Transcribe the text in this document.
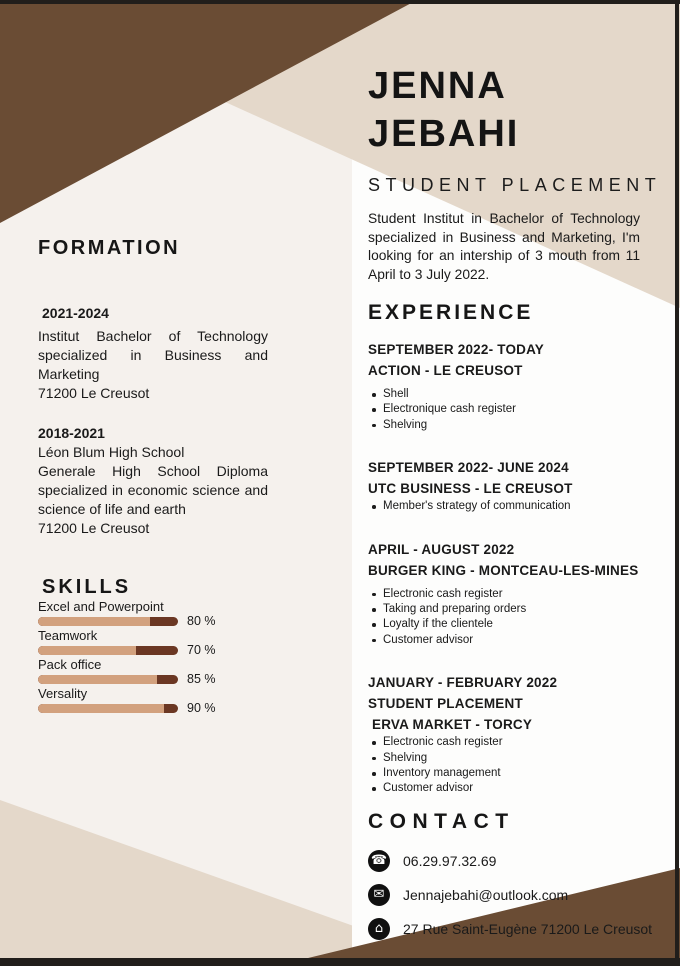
FORMATION
2021-2024

Institut Bachelor of Technology specialized in Business and Marketing

71200 Le Creusot
2018-2021
Léon Blum High School

Generale High School Diploma specialized in economic science and science of life and earth

71200 Le Creusot
SKILLS
Excel and Powerpoint
80 %
Teamwork
70 %
Pack office
85 %
Versality
90 %
JENNA
JEBAHI
STUDENT PLACEMENT

Student Institut in Bachelor of Technology specialized in Business and Marketing, I'm looking for an intership of 3 mouth from 11 April to 3 July 2022.

EXPERIENCE
SEPTEMBER 2022- TODAY
ACTION - LE CREUSOT
Shell
Electronique cash register
Shelving
SEPTEMBER 2022- JUNE 2024
UTC BUSINESS - LE CREUSOT
Member's strategy of communication
APRIL - AUGUST 2022
BURGER KING - MONTCEAU-LES-MINES
Electronic cash register
Taking and preparing orders
Loyalty if the clientele
Customer advisor
JANUARY - FEBRUARY 2022
STUDENT PLACEMENT
ERVA MARKET - TORCY
Electronic cash register
Shelving
Inventory management
Customer advisor
CONTACT
☎ 06.29.97.32.69
✉ Jennajebahi@outlook.com
⌂ 27 Rue Saint-Eugène 71200 Le Creusot
